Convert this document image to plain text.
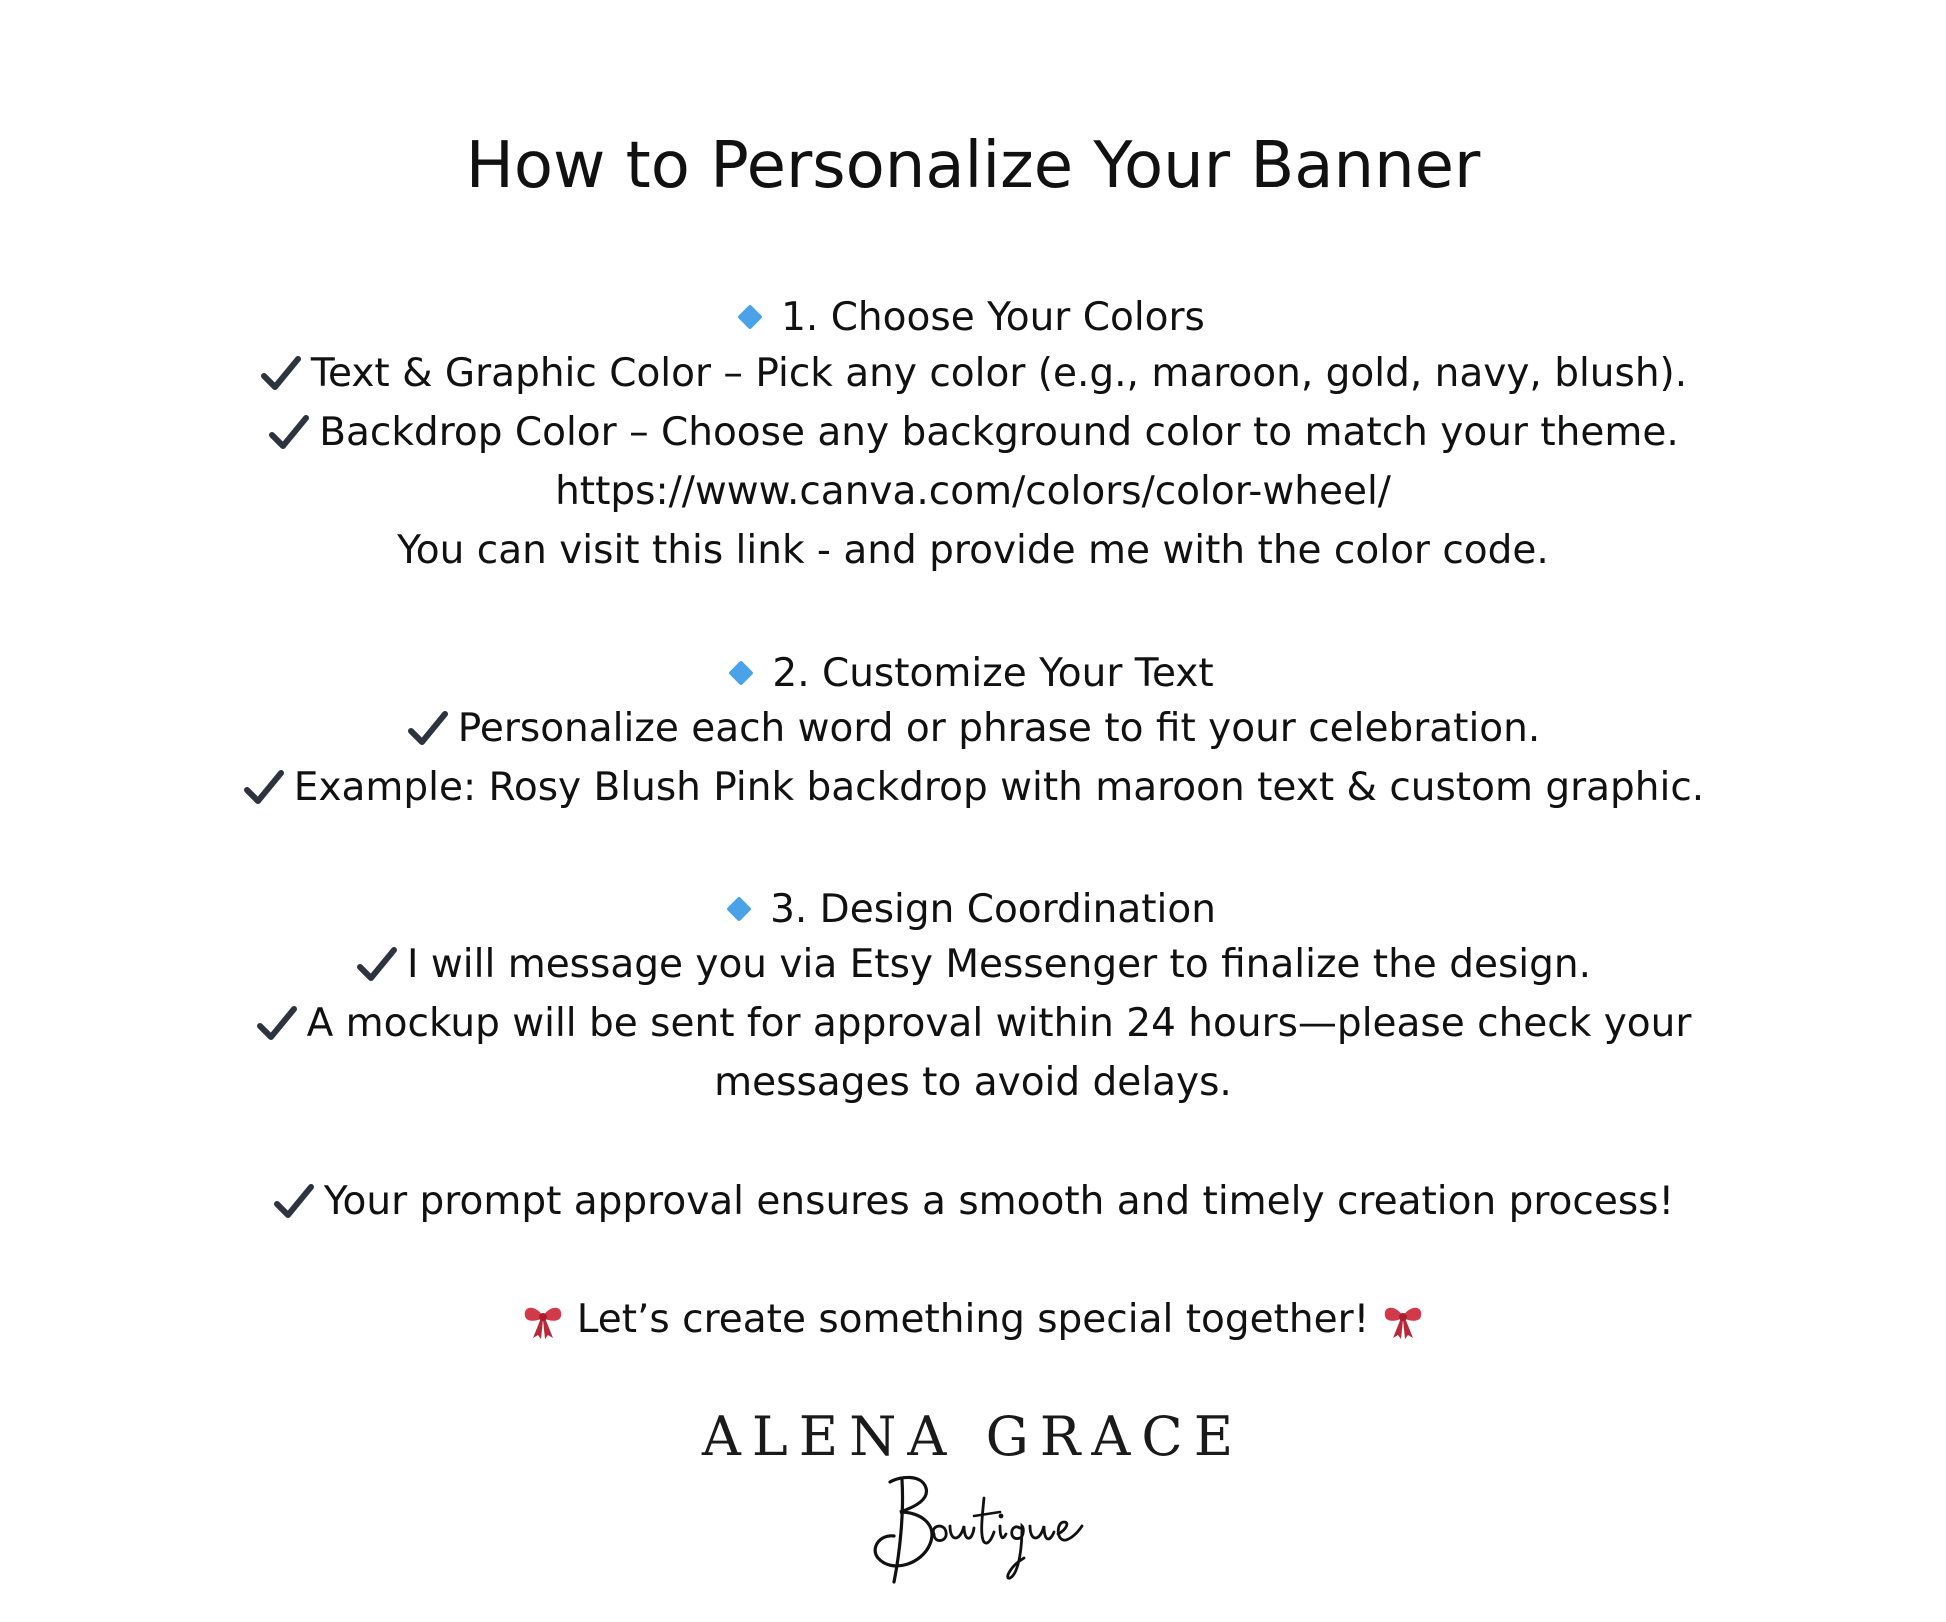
How to Personalize Your Banner
1. Choose Your Colors
Text & Graphic Color – Pick any color (e.g., maroon, gold, navy, blush).
Backdrop Color – Choose any background color to match your theme.
https://www.canva.com/colors/color-wheel/
You can visit this link - and provide me with the color code.
2. Customize Your Text
Personalize each word or phrase to fit your celebration.
Example: Rosy Blush Pink backdrop with maroon text & custom graphic.
3. Design Coordination
I will message you via Etsy Messenger to finalize the design.
A mockup will be sent for approval within 24 hours—please check your
messages to avoid delays.
Your prompt approval ensures a smooth and timely creation process!
Let’s create something special together!
ALENA GRACE
